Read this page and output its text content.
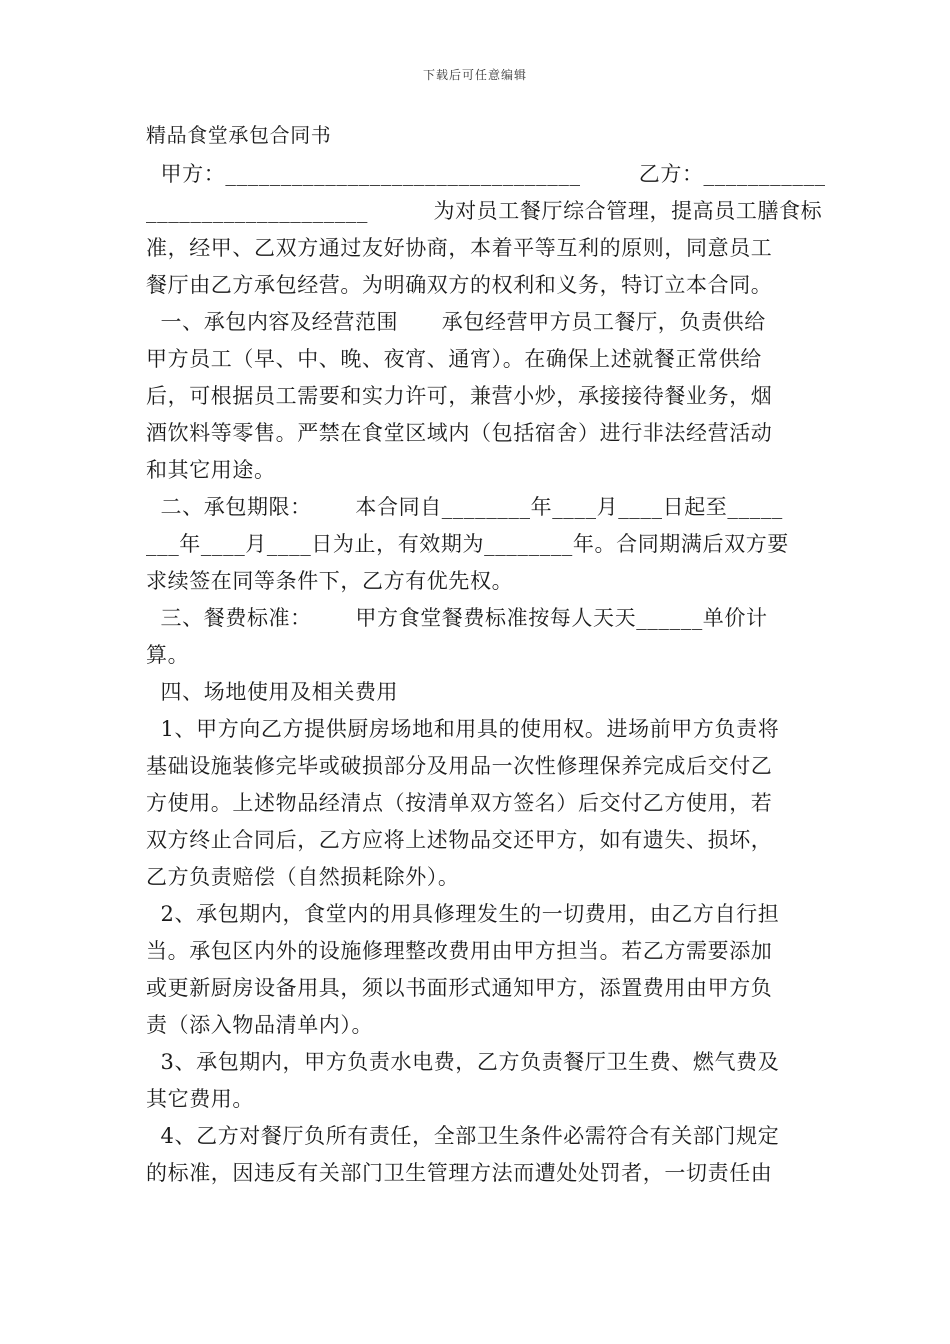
下载后可任意编辑
精品食堂承包合同书
甲方：________________________________        乙方：___________
____________________         为对员工餐厅综合管理，提高员工膳食标
准，经甲、乙双方通过友好协商，本着平等互利的原则，同意员工
餐厅由乙方承包经营。为明确双方的权利和义务，特订立本合同。
一、承包内容及经营范围      承包经营甲方员工餐厅，负责供给
甲方员工（早、中、晚、夜宵、通宵）。在确保上述就餐正常供给
后，可根据员工需要和实力许可，兼营小炒，承接接待餐业务，烟
酒饮料等零售。严禁在食堂区域内（包括宿舍）进行非法经营活动
和其它用途。
二、承包期限：      本合同自________年____月____日起至_____
___年____月____日为止，有效期为________年。合同期满后双方要
求续签在同等条件下，乙方有优先权。
三、餐费标准：      甲方食堂餐费标准按每人天天______单价计
算。
四、场地使用及相关费用
1、甲方向乙方提供厨房场地和用具的使用权。进场前甲方负责将
基础设施装修完毕或破损部分及用品一次性修理保养完成后交付乙
方使用。上述物品经清点（按清单双方签名）后交付乙方使用，若
双方终止合同后，乙方应将上述物品交还甲方，如有遗失、损坏，
乙方负责赔偿（自然损耗除外）。
2、承包期内，食堂内的用具修理发生的一切费用，由乙方自行担
当。承包区内外的设施修理整改费用由甲方担当。若乙方需要添加
或更新厨房设备用具，须以书面形式通知甲方，添置费用由甲方负
责（添入物品清单内）。
3、承包期内，甲方负责水电费，乙方负责餐厅卫生费、燃气费及
其它费用。
4、乙方对餐厅负所有责任，全部卫生条件必需符合有关部门规定
的标准，因违反有关部门卫生管理方法而遭处处罚者，一切责任由
